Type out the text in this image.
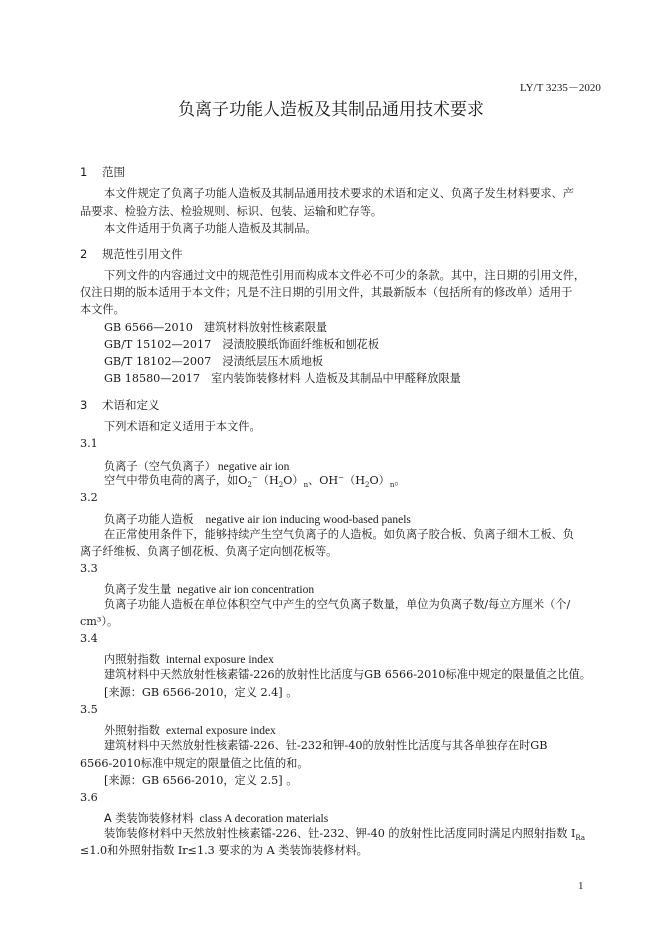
LY/T 3235－2020
负离子功能人造板及其制品通用技术要求
1 范围
本文件规定了负离子功能人造板及其制品通用技术要求的术语和定义、负离子发生材料要求、产
品要求、检验方法、检验规则、标识、包装、运输和贮存等。
本文件适用于负离子功能人造板及其制品。
2 规范性引用文件
下列文件的内容通过文中的规范性引用而构成本文件必不可少的条款。其中，注日期的引用文件，
仅注日期的版本适用于本文件；凡是不注日期的引用文件，其最新版本（包括所有的修改单）适用于
本文件。
GB 6566—2010　建筑材料放射性核素限量
GB/T 15102—2017　浸渍胶膜纸饰面纤维板和刨花板
GB/T 18102—2007　浸渍纸层压木质地板
GB 18580—2017　室内装饰装修材料 人造板及其制品中甲醛释放限量
3 术语和定义
下列术语和定义适用于本文件。
3.1
负离子（空气负离子） negative air ion
空气中带负电荷的离子，如$O_2^-(H_2O)_n$、$OH^-(H_2O)_n$。
3.2
负离子功能人造板 negative air ion inducing wood-based panels
在正常使用条件下，能够持续产生空气负离子的人造板。如负离子胶合板、负离子细木工板、负
离子纤维板、负离子刨花板、负离子定向刨花板等。
3.3
负离子发生量 negative air ion concentration
负离子功能人造板在单位体积空气中产生的空气负离子数量，单位为负离子数/每立方厘米（个/
cm³）。
3.4
内照射指数 internal exposure index
建筑材料中天然放射性核素镭-226的放射性比活度与GB 6566-2010标准中规定的限量值之比值。
[来源：GB 6566-2010，定义 2.4] 。
3.5
外照射指数 external exposure index
建筑材料中天然放射性核素镭-226、钍-232和钾-40的放射性比活度与其各单独存在时GB
6566-2010标准中规定的限量值之比值的和。
[来源：GB 6566-2010，定义 2.5] 。
3.6
A 类装饰装修材料 class A decoration materials
装饰装修材料中天然放射性核素镭-226、钍-232、钾-40 的放射性比活度同时满足内照射指数 $I_{Ra}$
≤1.0和外照射指数 Ir≤1.3 要求的为 A 类装饰装修材料。
1
